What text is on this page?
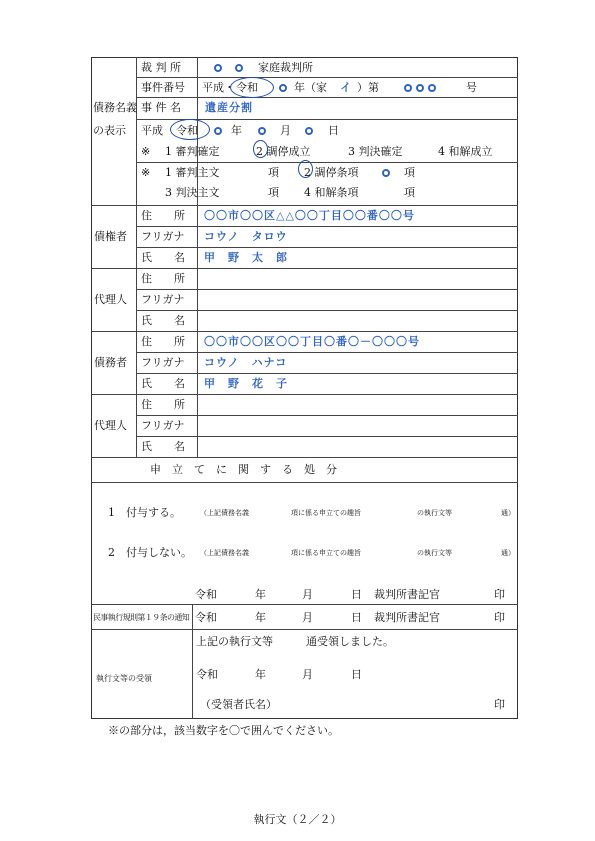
裁 判 所	家庭裁判所
事件番号 平成・ 令和	年（家 イ ）第	号
事 件 名 遺産分割
債務名義
の表示 平成 令和	年	月	日
※ 1 審判確定	2 調停成立	3 判決確定	4 和解成立
※ 1 審判主文	項 2 調停条項	項
3 判決主文	項 4 和解条項	項
債権者
住　　所 〇〇市〇〇区△△〇〇丁目〇〇番〇〇号
フリガナ コウノ　タロウ
氏　　名 甲　野　太　郎
代理人
住　　所
フリガナ
氏　　名
債務者
住　　所 〇〇市〇〇区〇〇丁目〇番〇－〇〇〇号
フリガナ コウノ　ハナコ
氏　　名 甲　野　花　子
代理人
住　　所
フリガナ
氏　　名
申　立　て　に　関　す　る　処　分
1　付与する。	（上記債務名義　　　　　　項に係る申立ての趣旨　　　　　　　　の執行文等　　　　　　　通）
2　付与しない。 （上記債務名義　　　　　　項に係る申立ての趣旨　　　　　　　　の執行文等　　　　　　　通）
令和	年	月	日 裁判所書記官	印
民事執行規則第１９条の通知 令和	年	月	日 裁判所書記官	印
執行文等の受領
上記の執行文等　　　通受領しました。
令和	年	月	日
（受領者氏名）	印
※の部分は，該当数字を〇で囲んでください。
執行文（２／２）
